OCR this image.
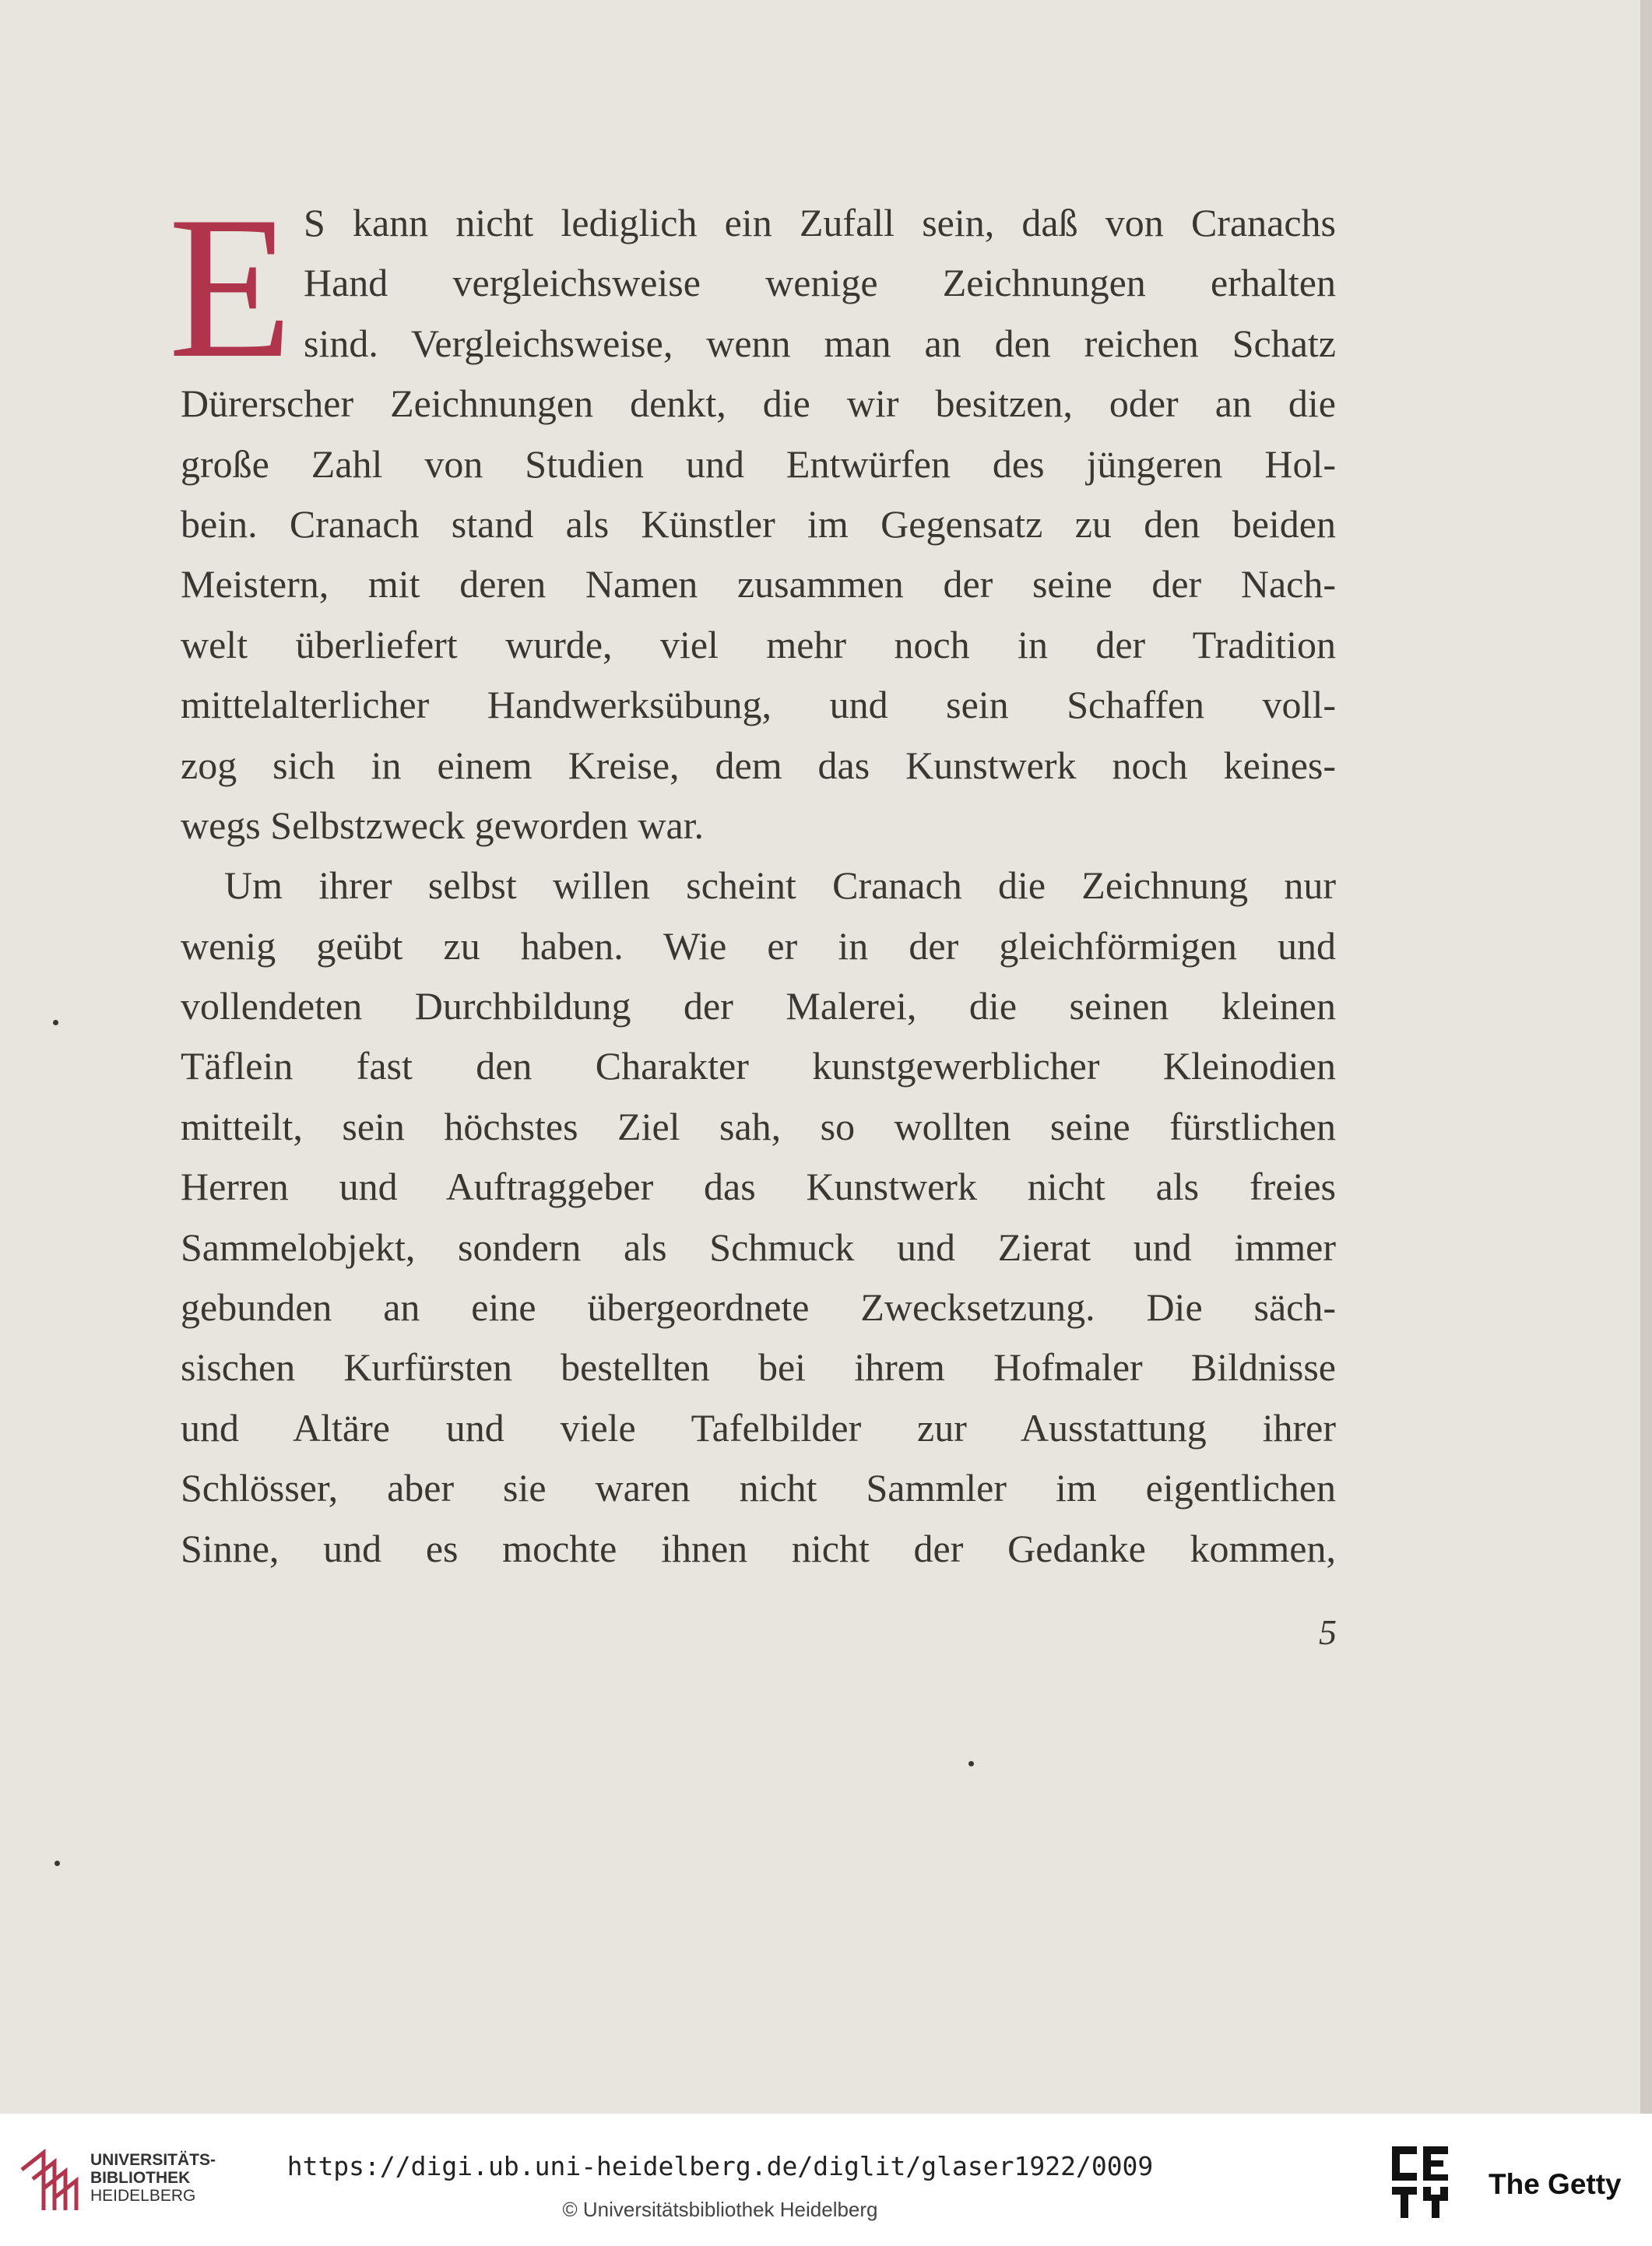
E S kann nicht lediglich ein Zufall sein, daß von Cranachs
Hand vergleichsweise wenige Zeichnungen erhalten
sind. Vergleichsweise, wenn man an den reichen Schatz
Dürerscher Zeichnungen denkt, die wir besitzen, oder an die
große Zahl von Studien und Entwürfen des jüngeren Hol-
bein. Cranach stand als Künstler im Gegensatz zu den beiden
Meistern, mit deren Namen zusammen der seine der Nach-
welt überliefert wurde, viel mehr noch in der Tradition
mittelalterlicher Handwerksübung, und sein Schaffen voll-
zog sich in einem Kreise, dem das Kunstwerk noch keines-
wegs Selbstzweck geworden war.
Um ihrer selbst willen scheint Cranach die Zeichnung nur
wenig geübt zu haben. Wie er in der gleichförmigen und
vollendeten Durchbildung der Malerei, die seinen kleinen
Täflein fast den Charakter kunstgewerblicher Kleinodien
mitteilt, sein höchstes Ziel sah, so wollten seine fürstlichen
Herren und Auftraggeber das Kunstwerk nicht als freies
Sammelobjekt, sondern als Schmuck und Zierat und immer
gebunden an eine übergeordnete Zwecksetzung. Die säch-
sischen Kurfürsten bestellten bei ihrem Hofmaler Bildnisse
und Altäre und viele Tafelbilder zur Ausstattung ihrer
Schlösser, aber sie waren nicht Sammler im eigentlichen
Sinne, und es mochte ihnen nicht der Gedanke kommen,
5
UNIVERSITÄTS-
BIBLIOTHEK
HEIDELBERG
https://digi.ub.uni-heidelberg.de/diglit/glaser1922/0009
© Universitätsbibliothek Heidelberg
The Getty
